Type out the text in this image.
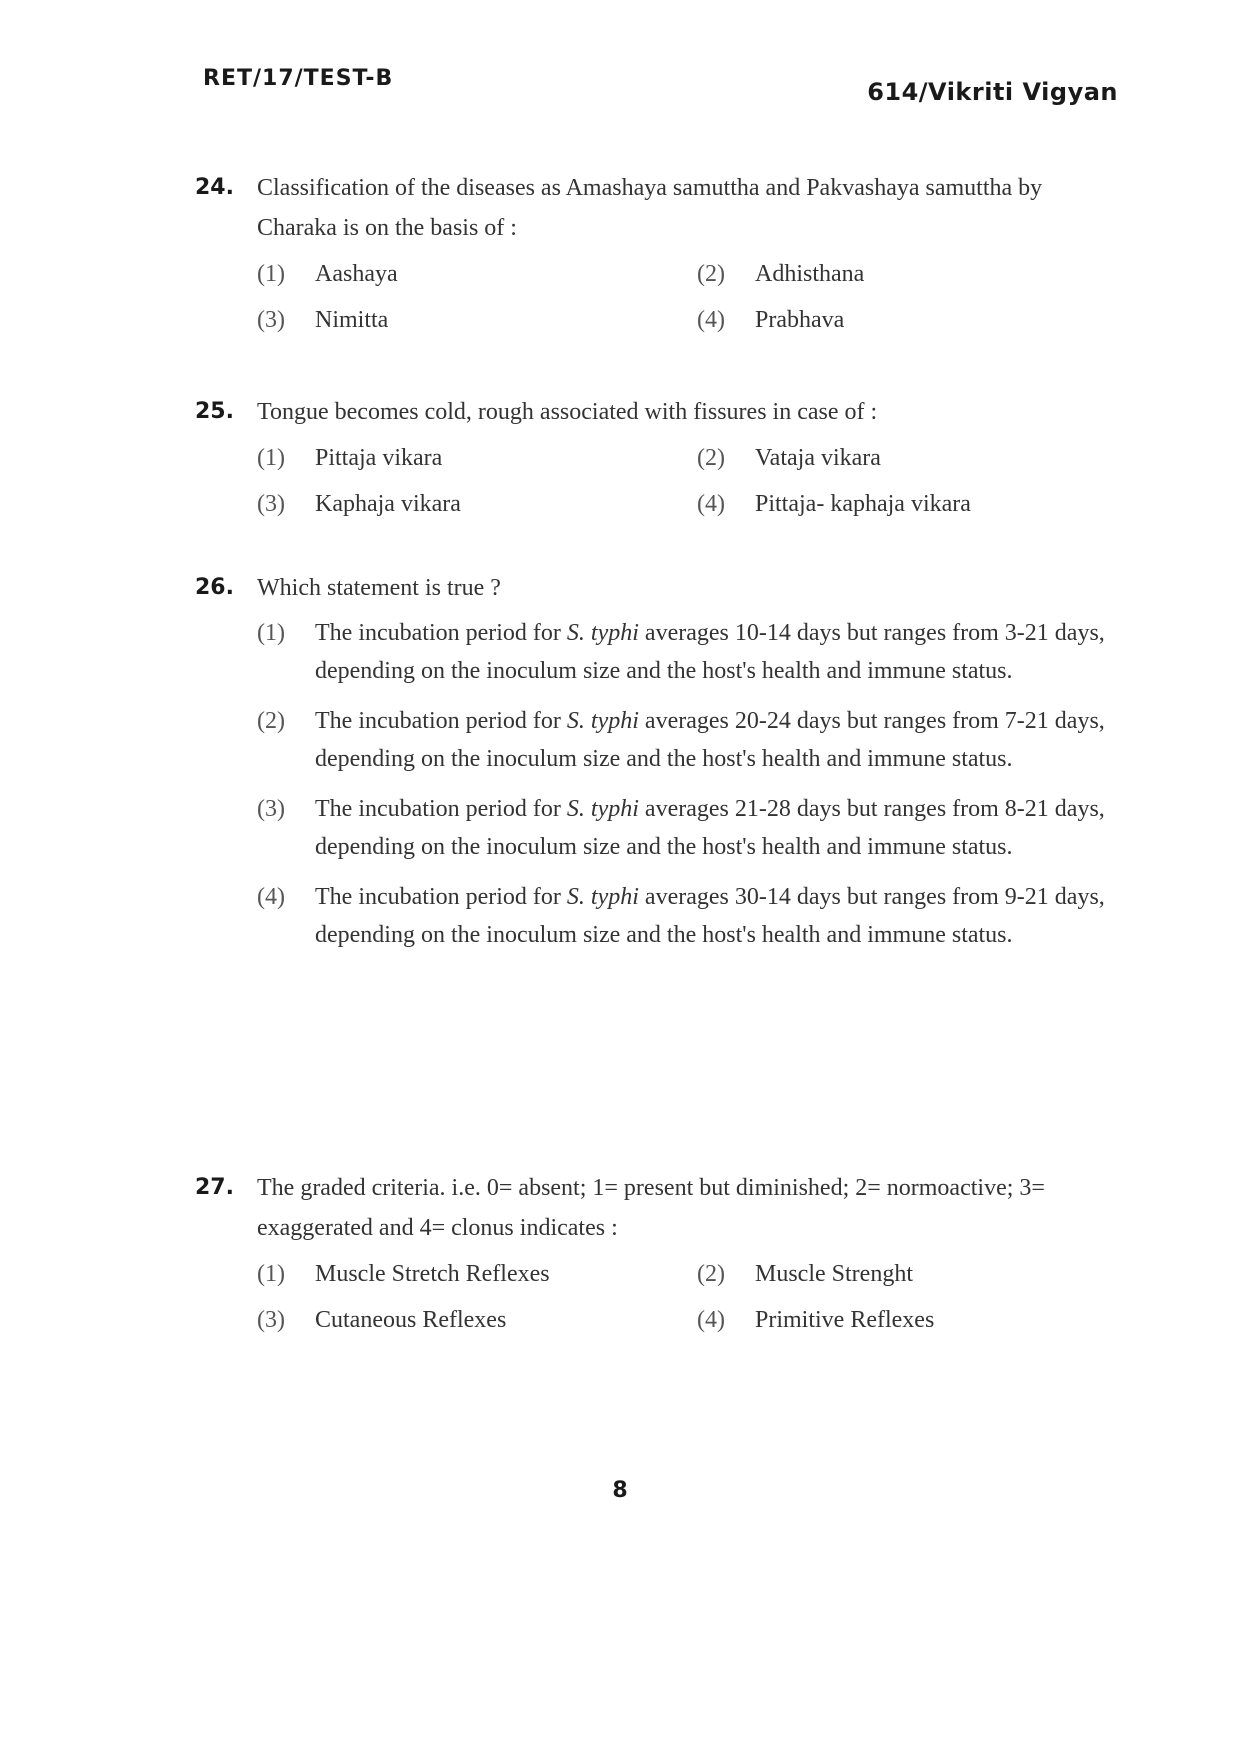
RET/17/TEST-B	614/Vikriti Vigyan
24. Classification of the diseases as Amashaya samuttha and Pakvashaya samuttha by Charaka is on the basis of :
(1)	Aashaya	(2)	Adhisthana
(3)	Nimitta	(4)	Prabhava
25. Tongue becomes cold, rough associated with fissures in case of :
(1)	Pittaja vikara	(2)	Vataja vikara
(3)	Kaphaja vikara	(4)	Pittaja- kaphaja vikara
26. Which statement is true ?
(1)	The incubation period for S. typhi averages 10-14 days but ranges from 3-21 days, depending on the inoculum size and the host's health and immune status.
(2)	The incubation period for S. typhi averages 20-24 days but ranges from 7-21 days, depending on the inoculum size and the host's health and immune status.
(3)	The incubation period for S. typhi averages 21-28 days but ranges from 8-21 days, depending on the inoculum size and the host's health and immune status.
(4)	The incubation period for S. typhi averages 30-14 days but ranges from 9-21 days, depending on the inoculum size and the host's health and immune status.
27. The graded criteria. i.e. 0= absent; 1= present but diminished; 2= normoactive; 3= exaggerated and 4= clonus indicates :
(1)	Muscle Stretch Reflexes	(2)	Muscle Strenght
(3)	Cutaneous Reflexes	(4)	Primitive Reflexes
8
